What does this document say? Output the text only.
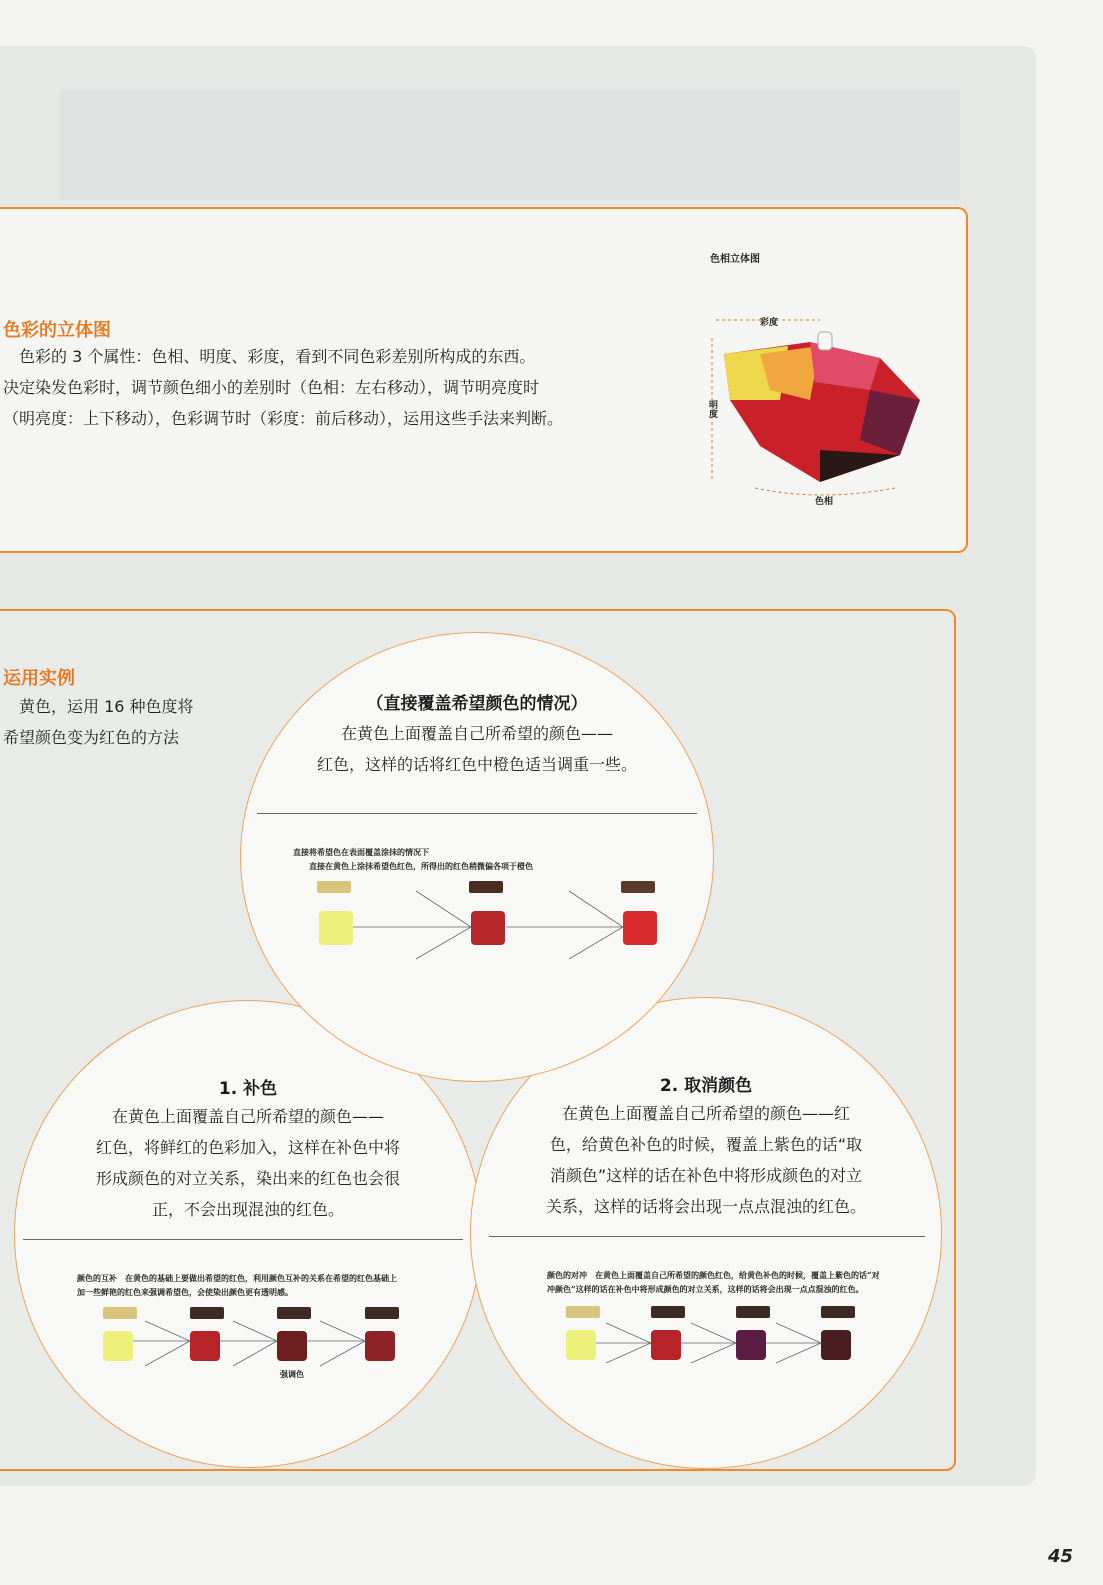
色彩的立体图
　色彩的 3 个属性：色相、明度、彩度，看到不同色彩差别所构成的东西。
决定染发色彩时，调节颜色细小的差别时（色相：左右移动），调节明亮度时
（明亮度：上下移动），色彩调节时（彩度：前后移动），运用这些手法来判断。
色相立体图
彩度
明度
色相
运用实例
　黄色，运用 16 种色度将
希望颜色变为红色的方法
1. 补色
在黄色上面覆盖自己所希望的颜色——
红色，将鲜红的色彩加入，这样在补色中将
形成颜色的对立关系，染出来的红色也会很
正，不会出现混浊的红色。
颜色的互补　在黄色的基础上要做出希望的红色，利用颜色互补的关系在希望的红色基础上
加一些鲜艳的红色来强调希望色，会使染出颜色更有透明感。
强调色
2. 取消颜色
在黄色上面覆盖自己所希望的颜色——红
色，给黄色补色的时候，覆盖上紫色的话“取
消颜色”这样的话在补色中将形成颜色的对立
关系，这样的话将会出现一点点混浊的红色。
颜色的对冲　在黄色上面覆盖自己所希望的颜色红色，给黄色补色的时候，覆盖上紫色的话“对
冲颜色”这样的话在补色中将形成颜色的对立关系，这样的话将会出现一点点混浊的红色。
（直接覆盖希望颜色的情况）
在黄色上面覆盖自己所希望的颜色——
红色，这样的话将红色中橙色适当调重一些。
直接将希望色在表面覆盖涂抹的情况下
　　直接在黄色上涂抹希望色红色，所得出的红色稍微偏各项于橙色
45
